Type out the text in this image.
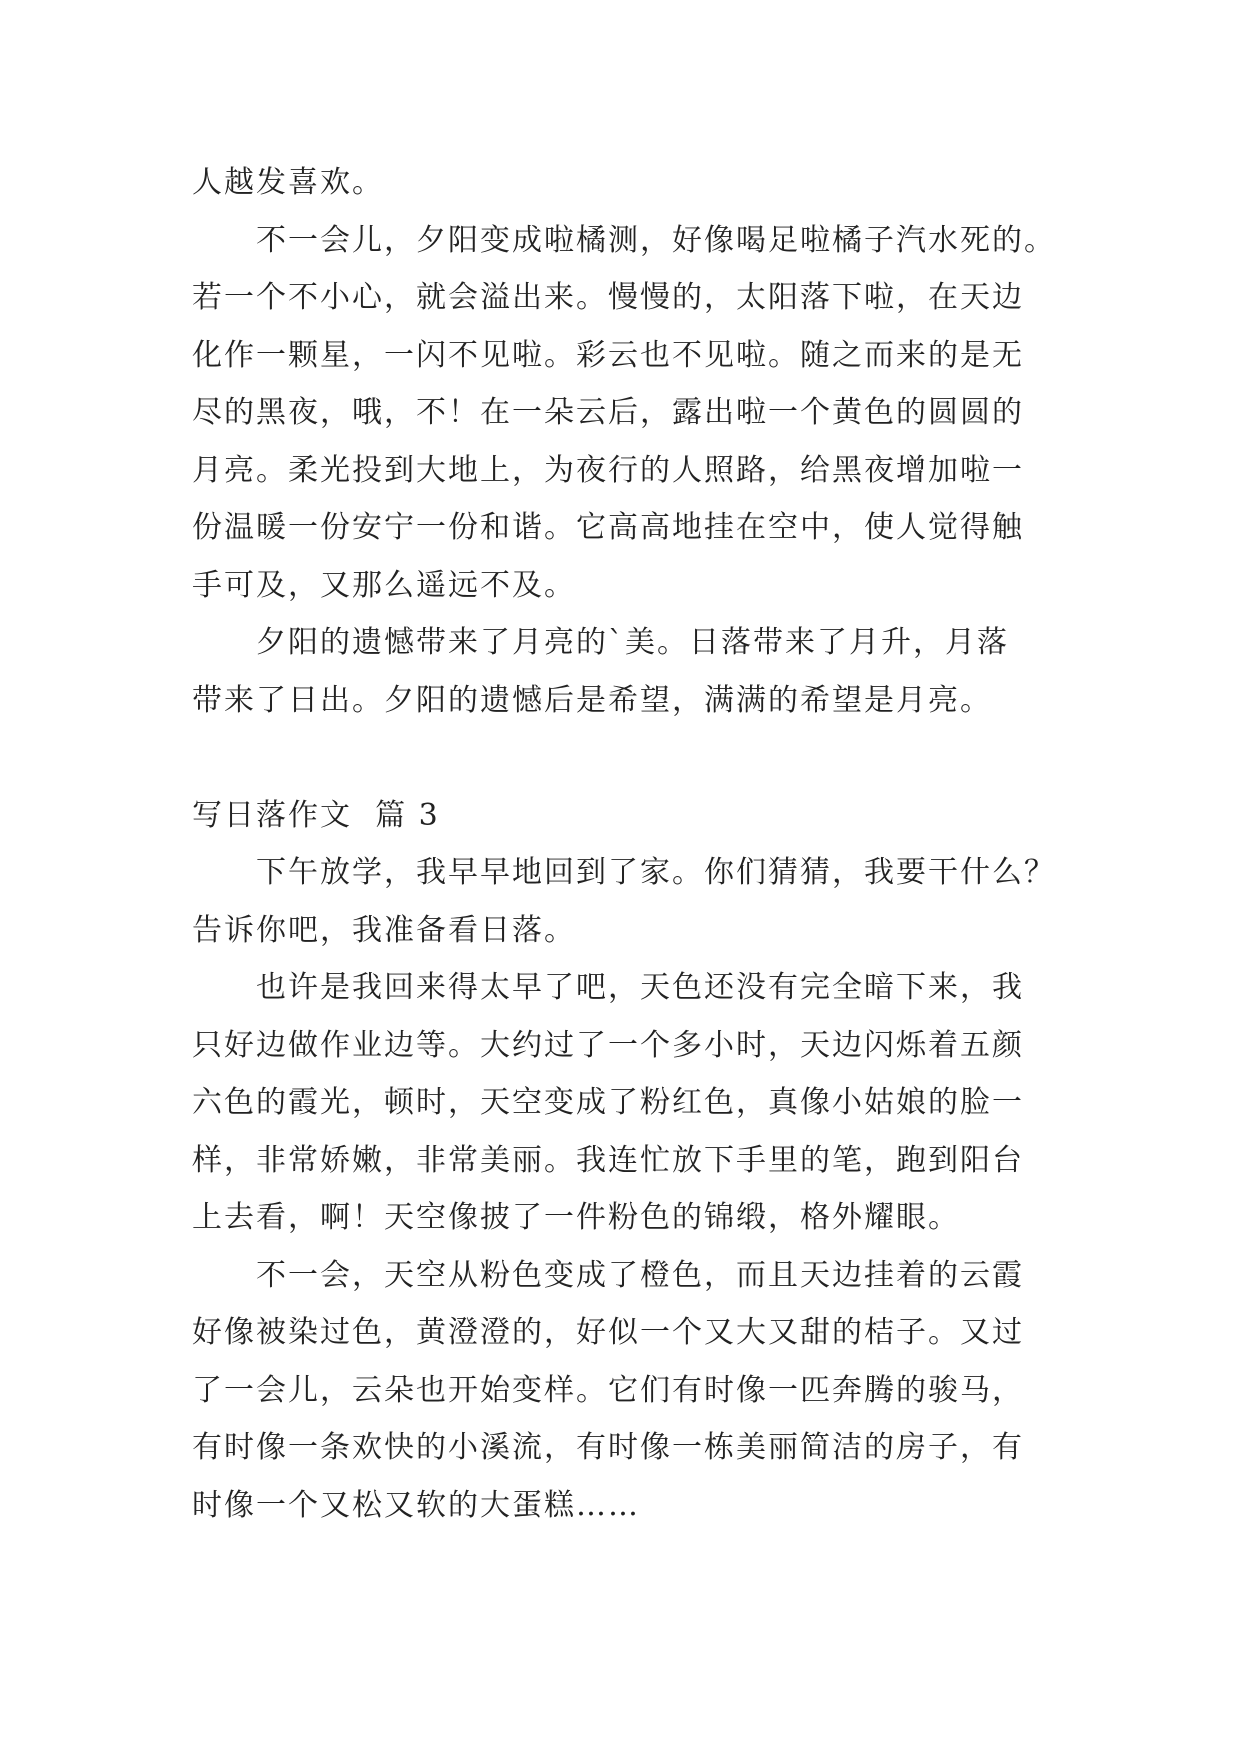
人越发喜欢。

　　不一会儿，夕阳变成啦橘测，好像喝足啦橘子汽水死的。

若一个不小心，就会溢出来。慢慢的，太阳落下啦，在天边

化作一颗星，一闪不见啦。彩云也不见啦。随之而来的是无

尽的黑夜，哦，不！在一朵云后，露出啦一个黄色的圆圆的

月亮。柔光投到大地上，为夜行的人照路，给黑夜增加啦一

份温暖一份安宁一份和谐。它高高地挂在空中，使人觉得触

手可及，又那么遥远不及。

　　夕阳的遗憾带来了月亮的`美。日落带来了月升，月落

带来了日出。夕阳的遗憾后是希望，满满的希望是月亮。

写日落作文  篇 3

　　下午放学，我早早地回到了家。你们猜猜，我要干什么？

告诉你吧，我准备看日落。

　　也许是我回来得太早了吧，天色还没有完全暗下来，我

只好边做作业边等。大约过了一个多小时，天边闪烁着五颜

六色的霞光，顿时，天空变成了粉红色，真像小姑娘的脸一

样，非常娇嫩，非常美丽。我连忙放下手里的笔，跑到阳台

上去看，啊！天空像披了一件粉色的锦缎，格外耀眼。

　　不一会，天空从粉色变成了橙色，而且天边挂着的云霞

好像被染过色，黄澄澄的，好似一个又大又甜的桔子。又过

了一会儿，云朵也开始变样。它们有时像一匹奔腾的骏马，

有时像一条欢快的小溪流，有时像一栋美丽简洁的房子，有

时像一个又松又软的大蛋糕……
